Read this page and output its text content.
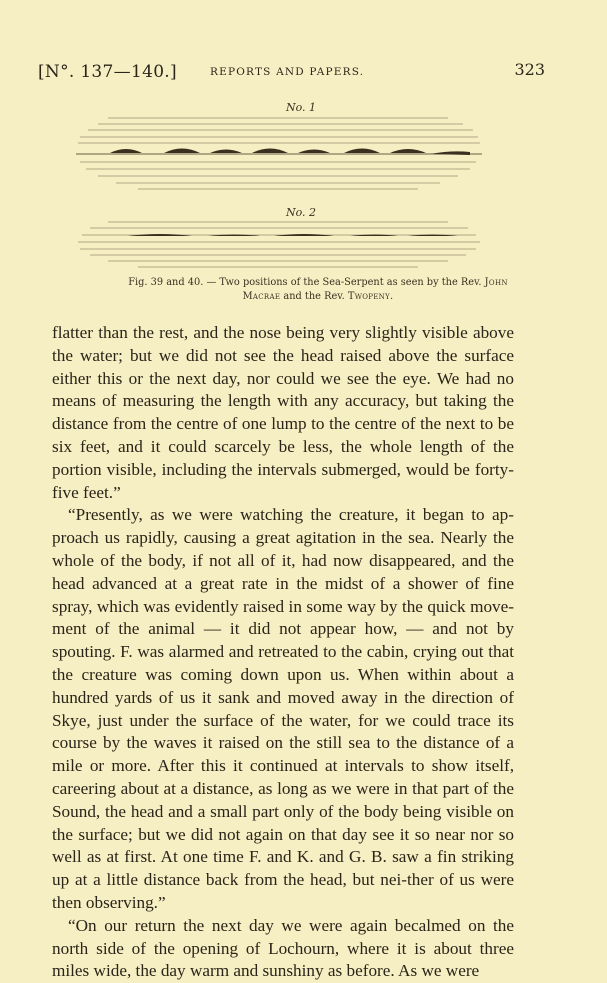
[N°. 137—140.]	REPORTS AND PAPERS.	323
No. 1
No. 2
Fig. 39 and 40. — Two positions of the Sea-Serpent as seen by the Rev. John Macrae and the Rev. Twopeny.

flatter than the rest, and the nose being very slightly visible above the water; but we did not see the head raised above the surface either this or the next day, nor could we see the eye. We had no means of measuring the length with any accuracy, but taking the distance from the centre of one lump to the centre of the next to be six feet, and it could scarcely be less, the whole length of the portion visible, including the intervals submerged, would be forty-five feet.”

“Presently, as we were watching the creature, it began to ap-proach us rapidly, causing a great agitation in the sea. Nearly the whole of the body, if not all of it, had now disappeared, and the head advanced at a great rate in the midst of a shower of fine spray, which was evidently raised in some way by the quick move-ment of the animal — it did not appear how, — and not by spouting. F. was alarmed and retreated to the cabin, crying out that the creature was coming down upon us. When within about a hundred yards of us it sank and moved away in the direction of Skye, just under the surface of the water, for we could trace its course by the waves it raised on the still sea to the distance of a mile or more. After this it continued at intervals to show itself, careering about at a distance, as long as we were in that part of the Sound, the head and a small part only of the body being visible on the surface; but we did not again on that day see it so near nor so well as at first. At one time F. and K. and G. B. saw a fin striking up at a little distance back from the head, but nei-ther of us were then observing.”

“On our return the next day we were again becalmed on the north side of the opening of Lochourn, where it is about three miles wide, the day warm and sunshiny as before. As we were
